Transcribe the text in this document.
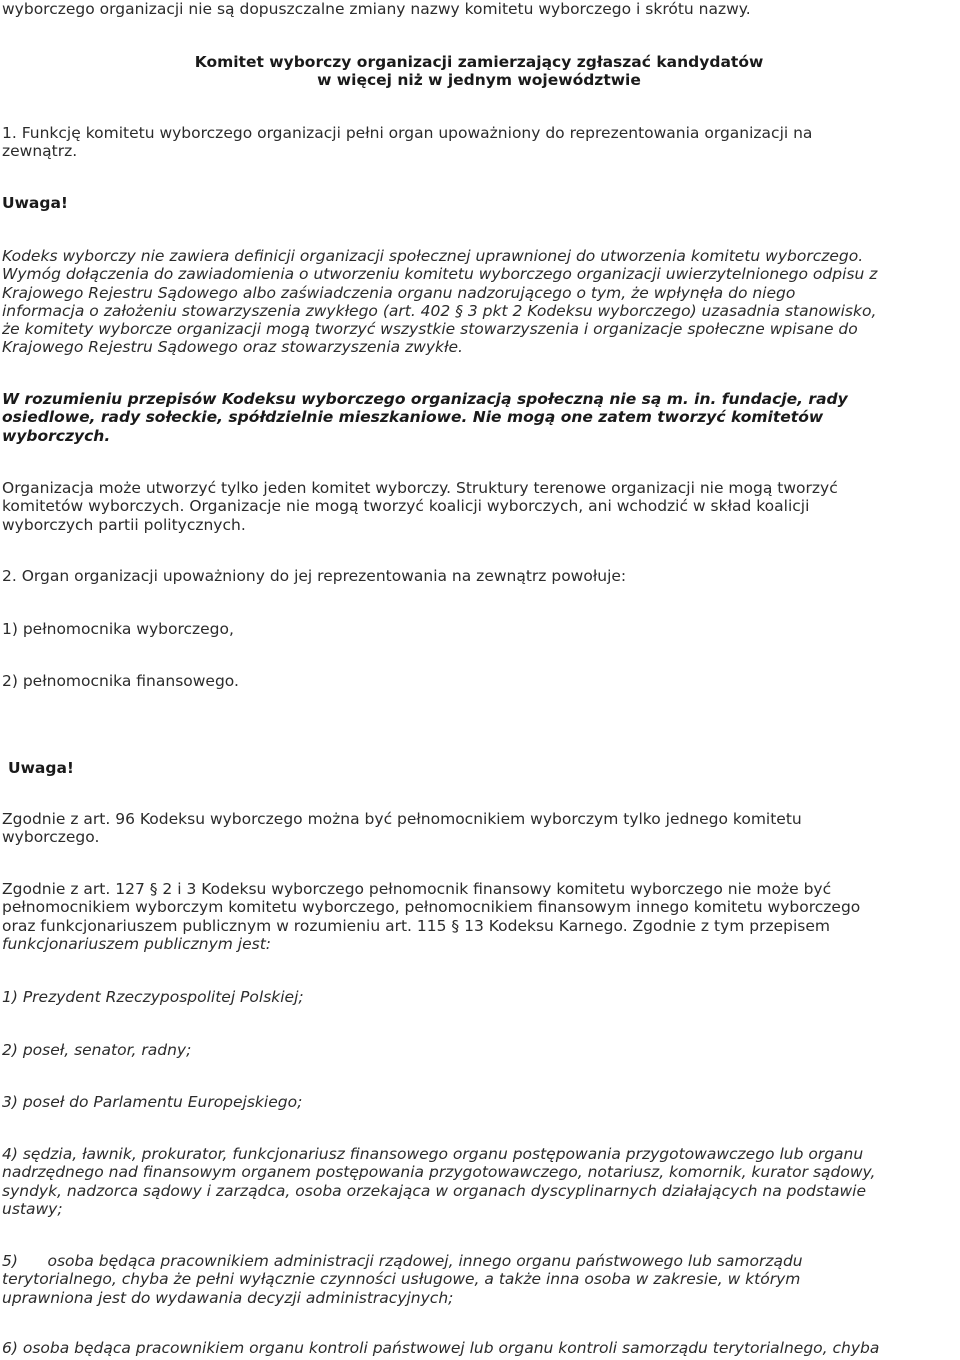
wyborczego organizacji nie są dopuszczalne zmiany nazwy komitetu wyborczego i skrótu nazwy.

Komitet wyborczy organizacji zamierzający zgłaszać kandydatów
w więcej niż w jednym województwie

1. Funkcję komitetu wyborczego organizacji pełni organ upoważniony do reprezentowania organizacji na
zewnątrz.

Uwaga!

Kodeks wyborczy nie zawiera definicji organizacji społecznej uprawnionej do utworzenia komitetu wyborczego.
Wymóg dołączenia do zawiadomienia o utworzeniu komitetu wyborczego organizacji uwierzytelnionego odpisu z
Krajowego Rejestru Sądowego albo zaświadczenia organu nadzorującego o tym, że wpłynęła do niego
informacja o założeniu stowarzyszenia zwykłego (art. 402 § 3 pkt 2 Kodeksu wyborczego) uzasadnia stanowisko,
że komitety wyborcze organizacji mogą tworzyć wszystkie stowarzyszenia i organizacje społeczne wpisane do
Krajowego Rejestru Sądowego oraz stowarzyszenia zwykłe.

W rozumieniu przepisów Kodeksu wyborczego organizacją społeczną nie są m. in. fundacje, rady
osiedlowe, rady sołeckie, spółdzielnie mieszkaniowe. Nie mogą one zatem tworzyć komitetów
wyborczych.

Organizacja może utworzyć tylko jeden komitet wyborczy. Struktury terenowe organizacji nie mogą tworzyć
komitetów wyborczych. Organizacje nie mogą tworzyć koalicji wyborczych, ani wchodzić w skład koalicji
wyborczych partii politycznych.

2. Organ organizacji upoważniony do jej reprezentowania na zewnątrz powołuje:

1) pełnomocnika wyborczego,

2) pełnomocnika finansowego.

Uwaga!

Zgodnie z art. 96 Kodeksu wyborczego można być pełnomocnikiem wyborczym tylko jednego komitetu
wyborczego.

Zgodnie z art. 127 § 2 i 3 Kodeksu wyborczego pełnomocnik finansowy komitetu wyborczego nie może być
pełnomocnikiem wyborczym komitetu wyborczego, pełnomocnikiem finansowym innego komitetu wyborczego
oraz funkcjonariuszem publicznym w rozumieniu art. 115 § 13 Kodeksu Karnego. Zgodnie z tym przepisem
funkcjonariuszem publicznym jest:

1) Prezydent Rzeczypospolitej Polskiej;

2) poseł, senator, radny;

3) poseł do Parlamentu Europejskiego;

4) sędzia, ławnik, prokurator, funkcjonariusz finansowego organu postępowania przygotowawczego lub organu
nadrzędnego nad finansowym organem postępowania przygotowawczego, notariusz, komornik, kurator sądowy,
syndyk, nadzorca sądowy i zarządca, osoba orzekająca w organach dyscyplinarnych działających na podstawie
ustawy;

5)      osoba będąca pracownikiem administracji rządowej, innego organu państwowego lub samorządu
terytorialnego, chyba że pełni wyłącznie czynności usługowe, a także inna osoba w zakresie, w którym
uprawniona jest do wydawania decyzji administracyjnych;

6) osoba będąca pracownikiem organu kontroli państwowej lub organu kontroli samorządu terytorialnego, chyba
